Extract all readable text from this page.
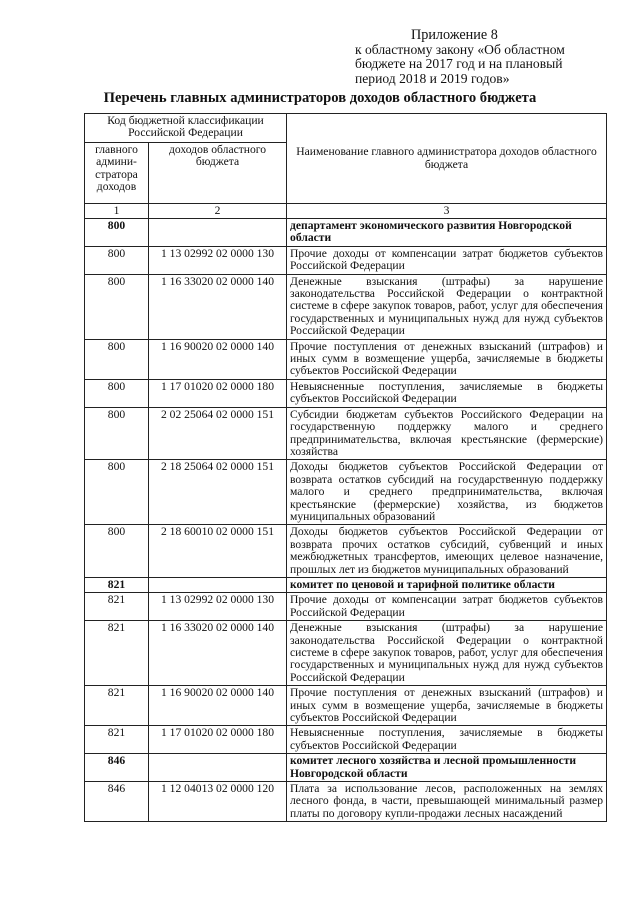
Приложение 8
к областному закону «Об областном
бюджете на 2017 год и на плановый
период 2018 и 2019 годов»
Перечень главных администраторов доходов областного бюджета
Код бюджетной классификации Российской Федерации		Наименование главного администратора доходов областного бюджета
главного админи-стратора доходов	доходов областного бюджета	
1	2	3
800		департамент экономического развития Новгородской области
800	1 13 02992 02 0000 130	Прочие доходы от компенсации затрат бюджетов субъектов Российской Федерации
800	1 16 33020 02 0000 140	Денежные взыскания (штрафы) за нарушение законодательства Российской Федерации о контрактной системе в сфере закупок товаров, работ, услуг для обеспечения государственных и муниципальных нужд для нужд субъектов Российской Федерации
800	1 16 90020 02 0000 140	Прочие поступления от денежных взысканий (штрафов) и иных сумм в возмещение ущерба, зачисляемые в бюджеты субъектов Российской Федерации
800	1 17 01020 02 0000 180	Невыясненные поступления, зачисляемые в бюджеты субъектов Российской Федерации
800	2 02 25064 02 0000 151	Субсидии бюджетам субъектов Российского Федерации на государственную поддержку малого и среднего предпринимательства, включая крестьянские (фермерские) хозяйства
800	2 18 25064 02 0000 151	Доходы бюджетов субъектов Российской Федерации от возврата остатков субсидий на государственную поддержку малого и среднего предпринимательства, включая крестьянские (фермерские) хозяйства, из бюджетов муниципальных образований
800	2 18 60010 02 0000 151	Доходы бюджетов субъектов Российской Федерации от возврата прочих остатков субсидий, субвенций и иных межбюджетных трансфертов, имеющих целевое назначение, прошлых лет из бюджетов муниципальных образований
821		комитет по ценовой и тарифной политике области
821	1 13 02992 02 0000 130	Прочие доходы от компенсации затрат бюджетов субъектов Российской Федерации
821	1 16 33020 02 0000 140	Денежные взыскания (штрафы) за нарушение законодательства Российской Федерации о контрактной системе в сфере закупок товаров, работ, услуг для обеспечения государственных и муниципальных нужд для нужд субъектов Российской Федерации
821	1 16 90020 02 0000 140	Прочие поступления от денежных взысканий (штрафов) и иных сумм в возмещение ущерба, зачисляемые в бюджеты субъектов Российской Федерации
821	1 17 01020 02 0000 180	Невыясненные поступления, зачисляемые в бюджеты субъектов Российской Федерации
846		комитет лесного хозяйства и лесной промышленности Новгородской области
846	1 12 04013 02 0000 120	Плата за использование лесов, расположенных на землях лесного фонда, в части, превышающей минимальный размер платы по договору купли-продажи лесных насаждений
